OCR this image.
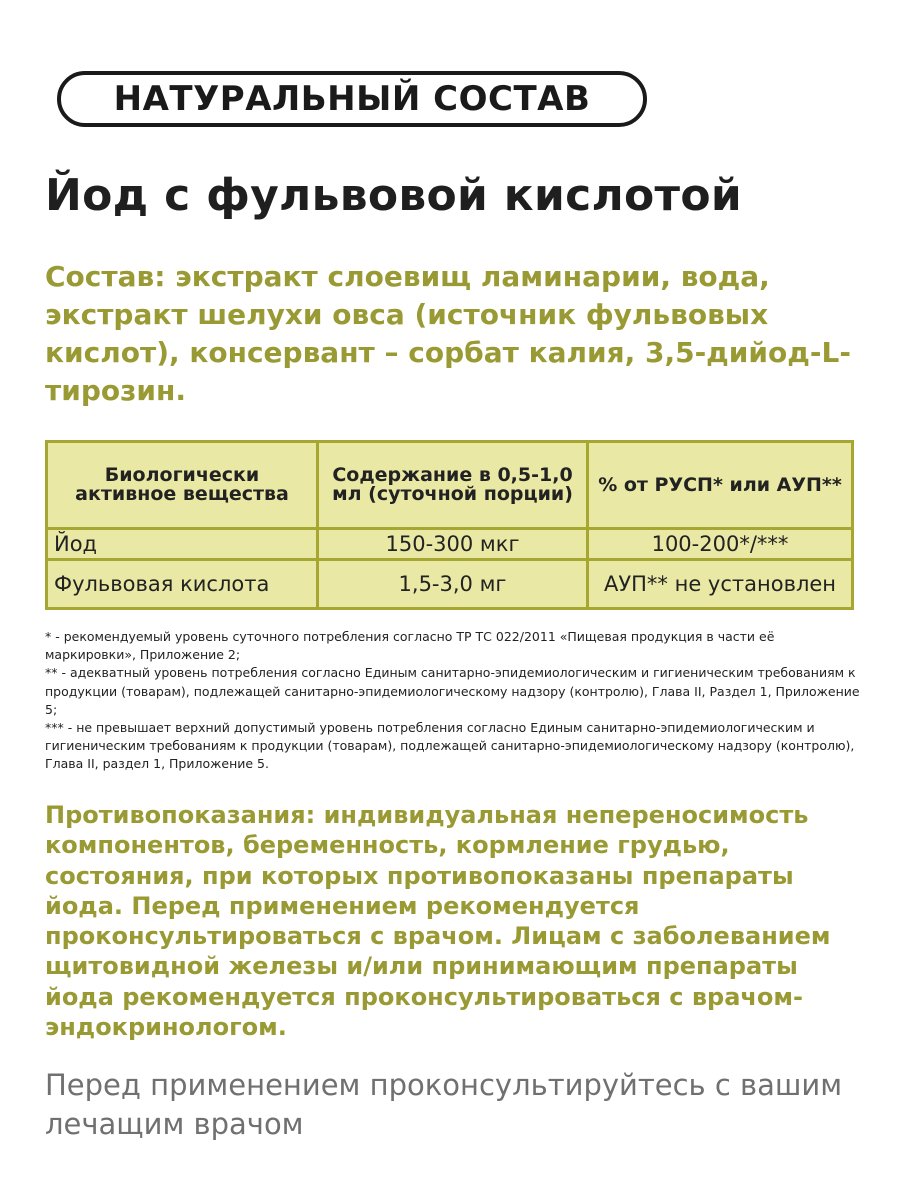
НАТУРАЛЬНЫЙ СОСТАВ
Йод с фульвовой кислотой
Состав: экстракт слоевищ ламинарии, вода, экстракт шелухи овса (источник фульвовых кислот), консервант – сорбат калия, 3,5-дийод-L-тирозин.
Биологически активное вещества	Содержание в 0,5-1,0 мл (суточной порции)	% от РУСП* или АУП**
Йод	150-300 мкг	100-200*/***
Фульвовая кислота	1,5-3,0 мг	АУП** не установлен

* - рекомендуемый уровень суточного потребления согласно ТР ТС 022/2011 «Пищевая продукция в части её маркировки», Приложение 2;

** - адекватный уровень потребления согласно Единым санитарно-эпидемиологическим и гигиеническим требованиям к продукции (товарам), подлежащей санитарно-эпидемиологическому надзору (контролю), Глава II, Раздел 1, Приложение 5;

*** - не превышает верхний допустимый уровень потребления согласно Единым санитарно-эпидемиологическим и гигиеническим требованиям к продукции (товарам), подлежащей санитарно-эпидемиологическому надзору (контролю), Глава II, раздел 1, Приложение 5.

Противопоказания: индивидуальная непереносимость компонентов, беременность, кормление грудью, состояния, при которых противопоказаны препараты йода. Перед применением рекомендуется проконсультироваться с врачом. Лицам с заболеванием щитовидной железы и/или принимающим препараты йода рекомендуется проконсультироваться с врачом-эндокринологом.
Перед применением проконсультируйтесь с вашим лечащим врачом
